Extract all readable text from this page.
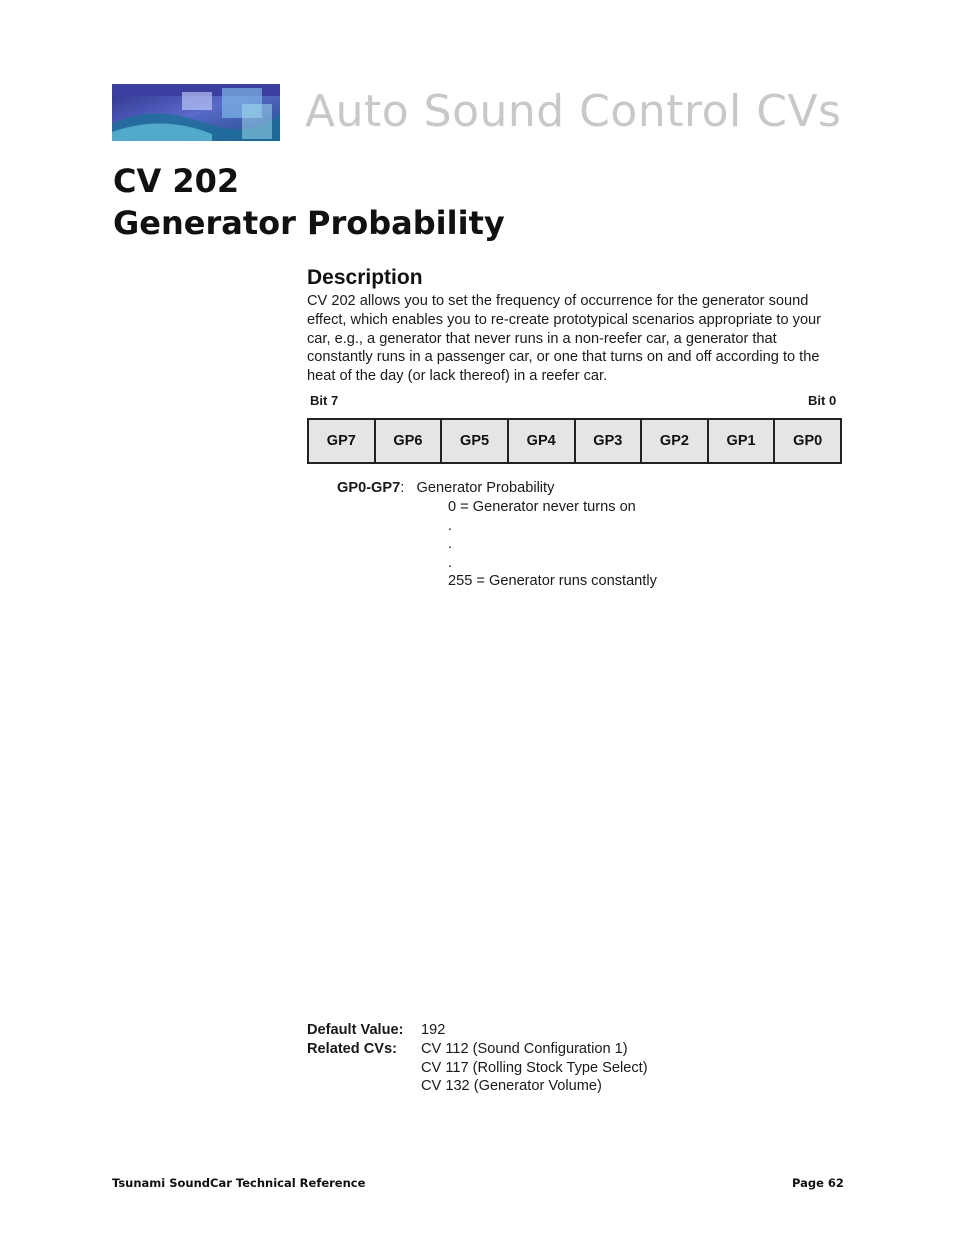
Auto Sound Control CVs
CV 202
Generator Probability
Description
CV 202 allows you to set the frequency of occurrence for the generator sound effect, which enables you to re-create prototypical scenarios appropriate to your car, e.g., a generator that never runs in a non-reefer car, a generator that constantly runs in a passenger car, or one that turns on and off according to the heat of the day (or lack thereof) in a reefer car.
Bit 7	Bit 0
GP7	GP6	GP5	GP4	GP3	GP2	GP1	GP0
GP0-GP7: Generator Probability
0 = Generator never turns on
.
.
.
255 = Generator runs constantly
Default Value:	192
Related CVs:	CV 112 (Sound Configuration 1)
CV 117 (Rolling Stock Type Select)
CV 132 (Generator Volume)
Tsunami SoundCar Technical Reference	Page 62
